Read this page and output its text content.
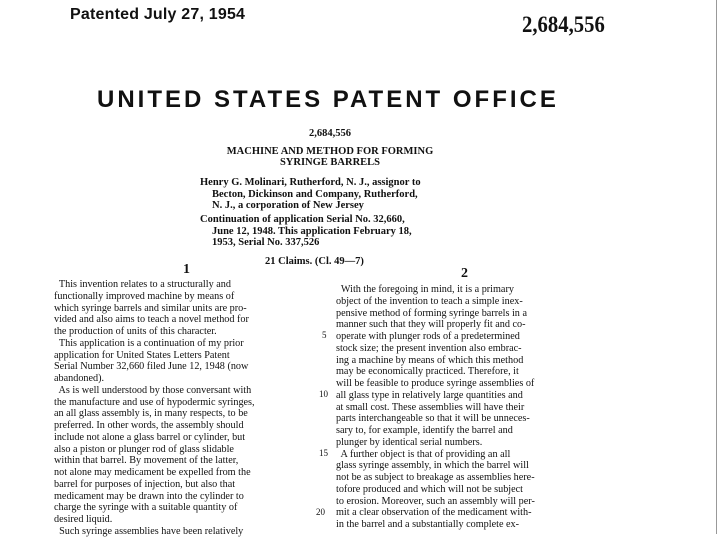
Patented July 27, 1954	2,684,556
UNITED STATES PATENT OFFICE
2,684,556
MACHINE AND METHOD FOR FORMING
SYRINGE BARRELS
Henry G. Molinari, Rutherford, N. J., assignor to
Becton, Dickinson and Company, Rutherford,
N. J., a corporation of New Jersey
Continuation of application Serial No. 32,660,
June 12, 1948. This application February 18,
1953, Serial No. 337,526
21 Claims. (Cl. 49—7)
1	2
This invention relates to a structurally and
functionally improved machine by means of
which syringe barrels and similar units are pro-
vided and also aims to teach a novel method for
the production of units of this character.
This application is a continuation of my prior
application for United States Letters Patent
Serial Number 32,660 filed June 12, 1948 (now
abandoned).
As is well understood by those conversant with
the manufacture and use of hypodermic syringes,
an all glass assembly is, in many respects, to be
preferred. In other words, the assembly should
include not alone a glass barrel or cylinder, but
also a piston or plunger rod of glass slidable
within that barrel. By movement of the latter,
not alone may medicament be expelled from the
barrel for purposes of injection, but also that
medicament may be drawn into the cylinder to
charge the syringe with a suitable quantity of
desired liquid.
Such syringe assemblies have been relatively
With the foregoing in mind, it is a primary
object of the invention to teach a simple inex-
pensive method of forming syringe barrels in a
manner such that they will properly fit and co-
operate with plunger rods of a predetermined
stock size; the present invention also embrac-
ing a machine by means of which this method
may be economically practiced. Therefore, it
will be feasible to produce syringe assemblies of
all glass type in relatively large quantities and
at small cost. These assemblies will have their
parts interchangeable so that it will be unneces-
sary to, for example, identify the barrel and
plunger by identical serial numbers.
A further object is that of providing an all
glass syringe assembly, in which the barrel will
not be as subject to breakage as assemblies here-
tofore produced and which will not be subject
to erosion. Moreover, such an assembly will per-
mit a clear observation of the medicament with-
in the barrel and a substantially complete ex-
5
10
15
20
